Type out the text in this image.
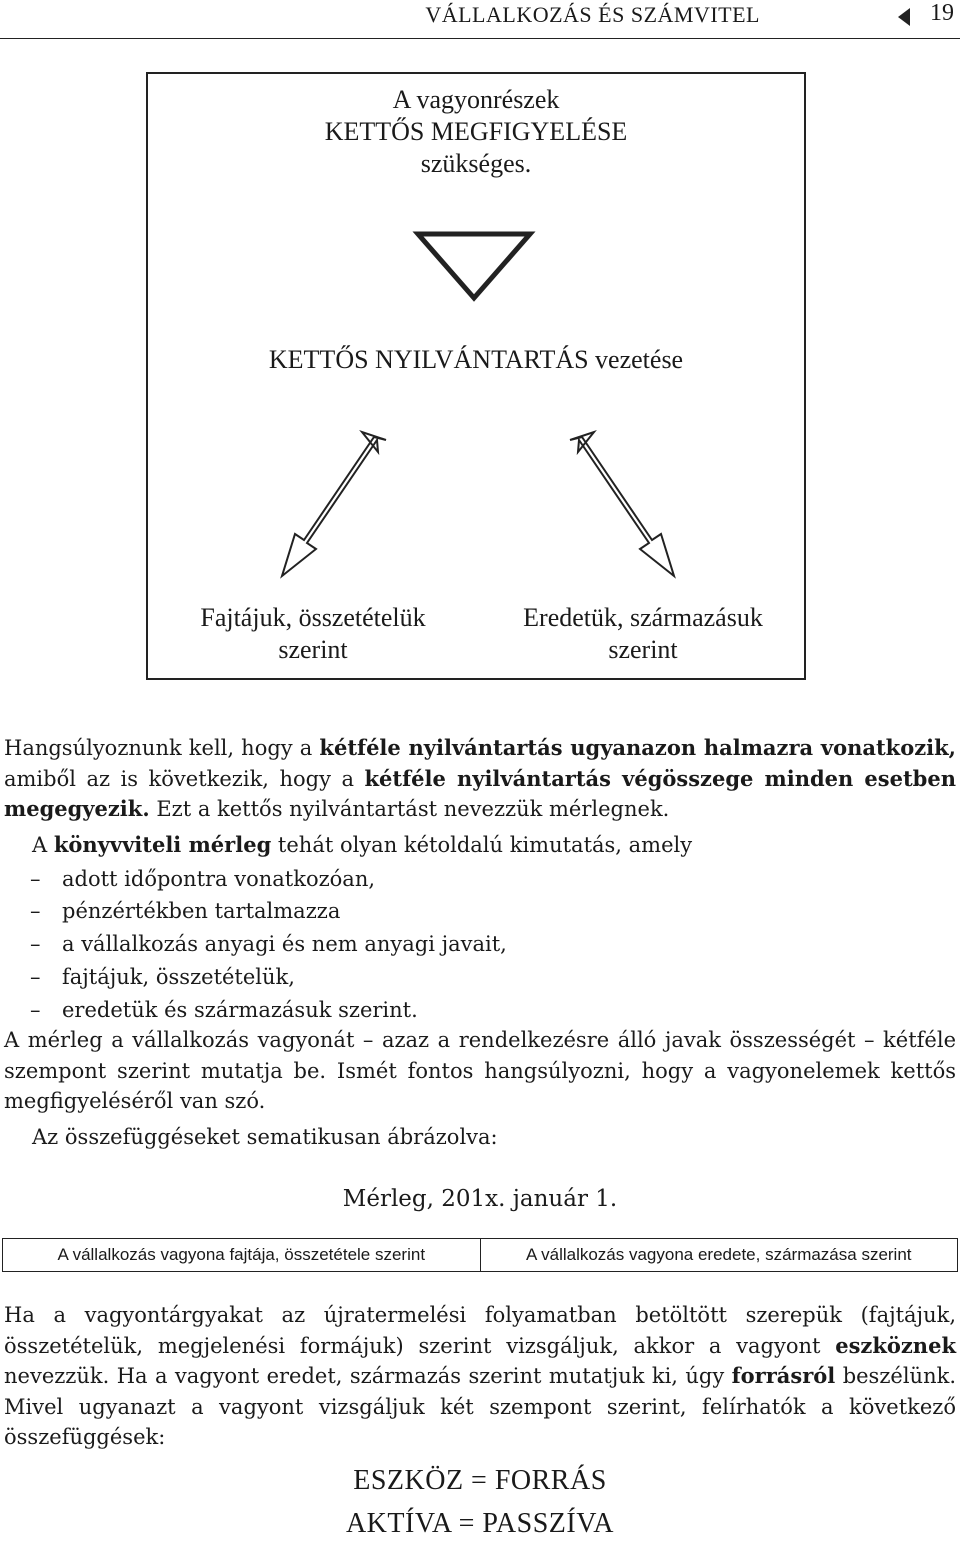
VÁLLALKOZÁS ÉS SZÁMVITEL	19
A vagyonrészek
KETTŐS MEGFIGYELÉSE
szükséges.
KETTŐS NYILVÁNTARTÁS vezetése
Fajtájuk, összetételük
szerint
Eredetük, származásuk
szerint
Hangsúlyoznunk kell, hogy a kétféle nyilvántartás ugyanazon halmazra vonatkozik, amiből az is következik, hogy a kétféle nyilvántartás végösszege minden esetben megegyezik. Ezt a kettős nyilvántartást nevezzük mérlegnek.
A könyvviteli mérleg tehát olyan kétoldalú kimutatás, amely
– adott időpontra vonatkozóan,
– pénzértékben tartalmazza
– a vállalkozás anyagi és nem anyagi javait,
– fajtájuk, összetételük,
– eredetük és származásuk szerint.
A mérleg a vállalkozás vagyonát – azaz a rendelkezésre álló javak összességét – kétféle szempont szerint mutatja be. Ismét fontos hangsúlyozni, hogy a vagyonelemek kettős megfigyeléséről van szó.
Az összefüggéseket sematikusan ábrázolva:
Mérleg, 201x. január 1.
A vállalkozás vagyona fajtája, összetétele szerint	A vállalkozás vagyona eredete, származása szerint
Ha a vagyontárgyakat az újratermelési folyamatban betöltött szerepük (fajtájuk, összetételük, megjelenési formájuk) szerint vizsgáljuk, akkor a vagyont eszköznek nevezzük. Ha a vagyont eredet, származás szerint mutatjuk ki, úgy forrásról beszélünk. Mivel ugyanazt a vagyont vizsgáljuk két szempont szerint, felírhatók a következő összefüggések:
ESZKÖZ = FORRÁS
AKTÍVA = PASSZÍVA
